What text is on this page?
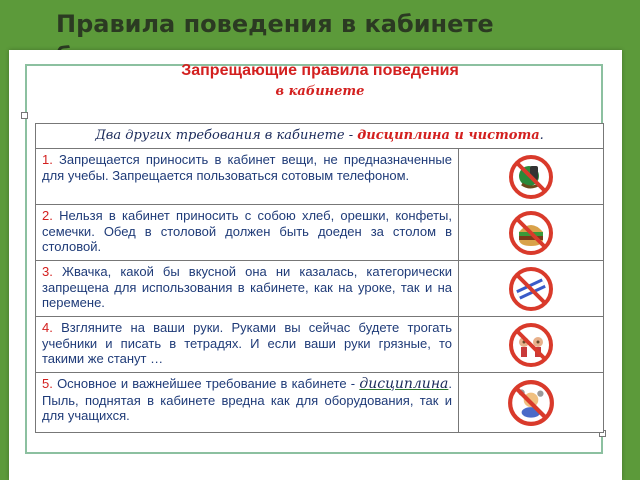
Правила поведения в кабинете
Запрещающие правила поведения
в кабинете
Два других требования в кабинете - дисциплина и чистота.
1. Запрещается приносить в кабинет вещи, не предназначенные для учебы. Запрещается пользоваться сотовым телефоном.
2. Нельзя в кабинет приносить с собою хлеб, орешки, конфеты, семечки. Обед в столовой должен быть доеден за столом в столовой.
3. Жвачка, какой бы вкусной она ни казалась, категорически запрещена для использования в кабинете, как на уроке, так и на перемене.
4. Взгляните на ваши руки. Руками вы сейчас будете трогать учебники и писать в тетрадях. И если ваши руки грязные, то такими же станут …
5. Основное и важнейшее требование в кабинете - дисциплина. Пыль, поднятая в кабинете вредна как для оборудования, так и для учащихся.
